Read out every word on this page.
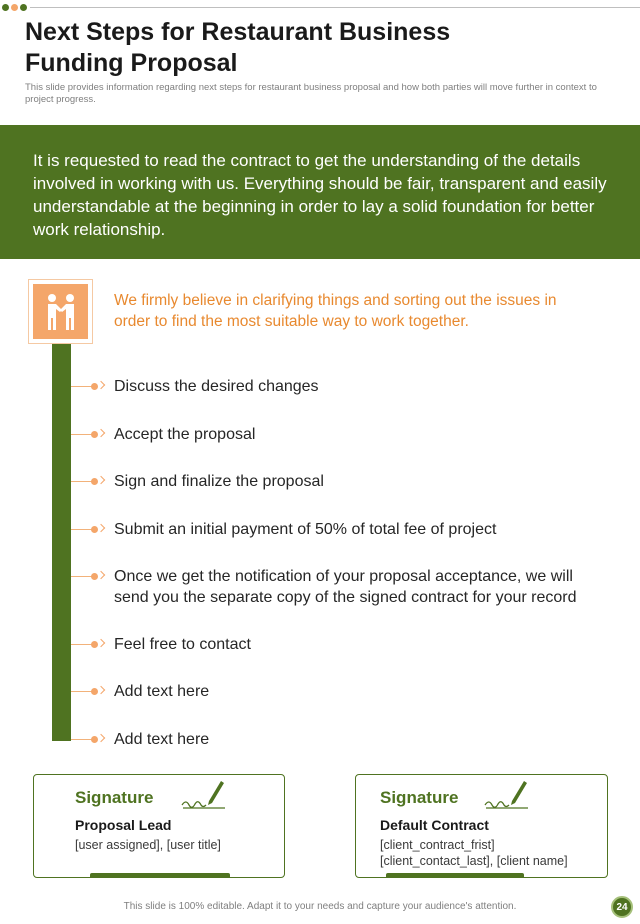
Next Steps for Restaurant Business
Funding Proposal
This slide provides information regarding next steps for restaurant business proposal and how both parties will move further in context to project progress.
It is requested to read the contract to get the understanding of the details involved in working with us. Everything should be fair, transparent and easily understandable at the beginning in order to lay a solid foundation for better work relationship.
We firmly believe in clarifying things and sorting out the issues in order to find the most suitable way to work together.
Discuss the desired changes
Accept the proposal
Sign and finalize the proposal
Submit an initial payment of 50% of total fee of project
Once we get the notification of your proposal acceptance, we will send you the separate copy of the signed contract for your record
Feel free to contact
Add text here
Add text here
Signature
Proposal Lead
[user assigned], [user title]
Signature
Default Contract
[client_contract_frist]
[client_contact_last], [client name]
This slide is 100% editable. Adapt it to your needs and capture your audience's attention.	24
